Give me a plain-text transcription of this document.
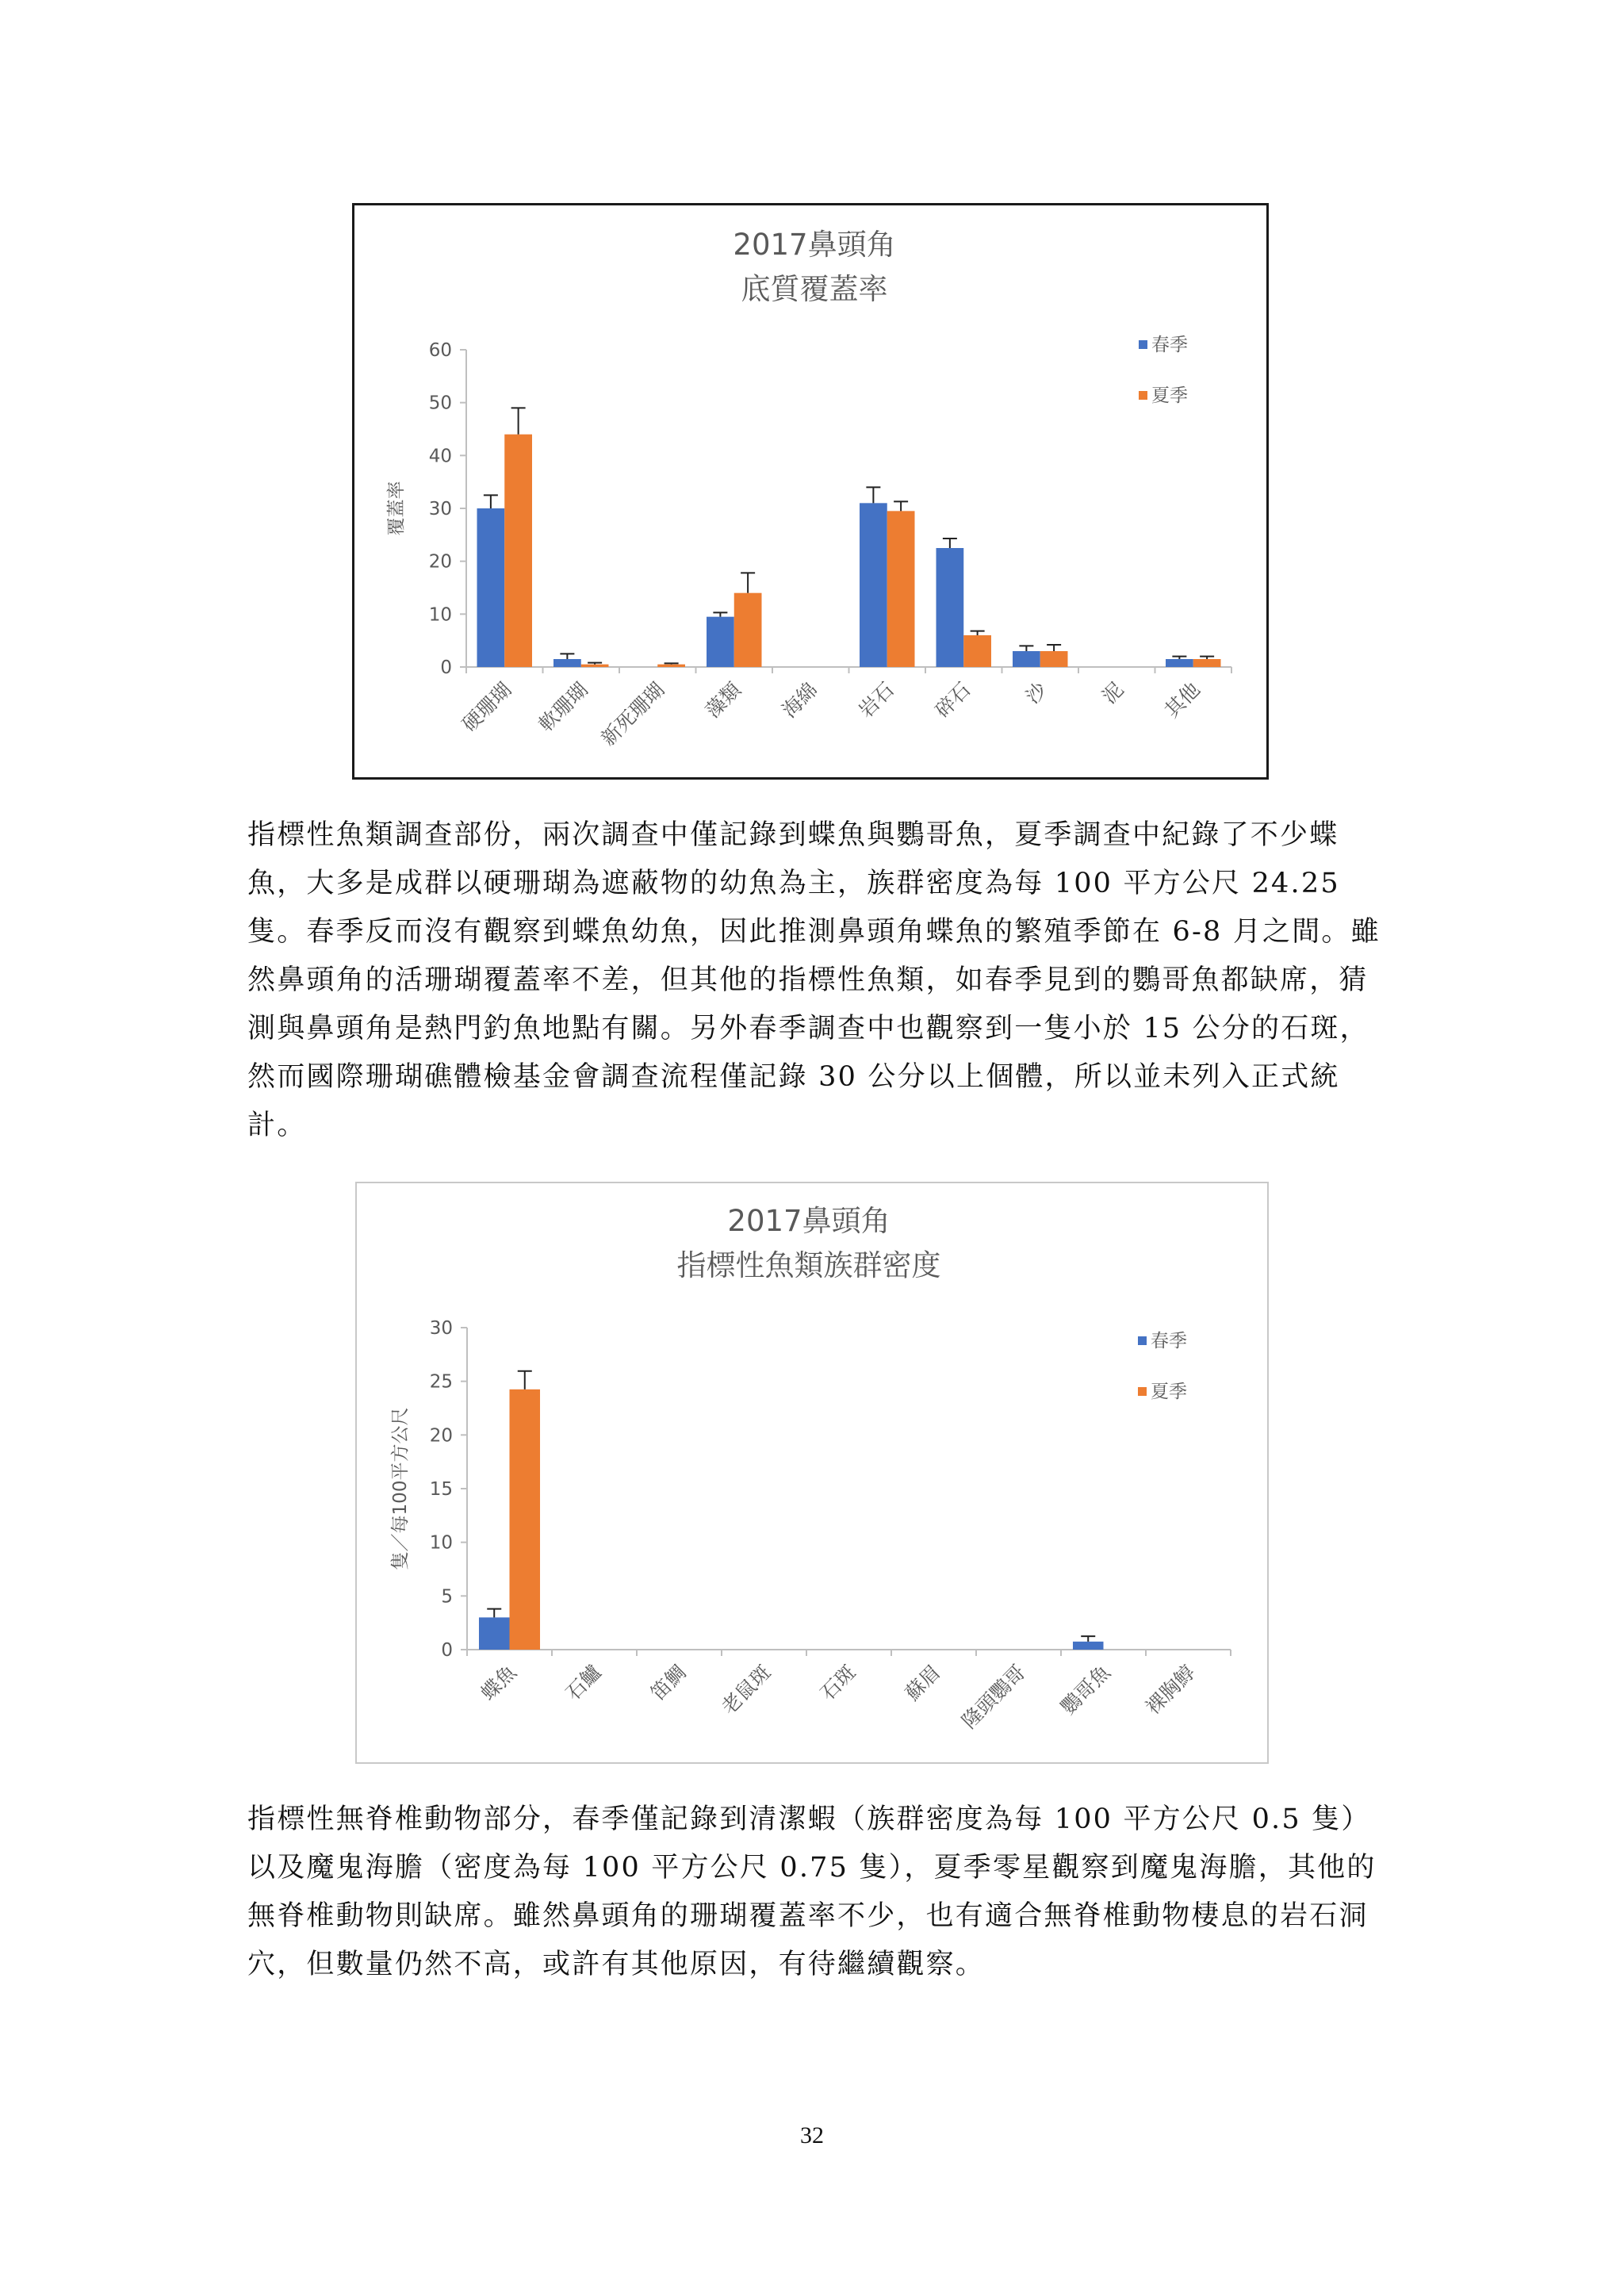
2017鼻頭角
底質覆蓋率
0
10
20
30
40
50
60
覆蓋率
硬珊瑚 軟珊瑚 新死珊瑚 藻類 海綿 岩石 碎石 沙 泥 其他
春季
夏季

指標性魚類調查部份，兩次調查中僅記錄到蝶魚與鸚哥魚，夏季調查中紀錄了不少蝶魚，大多是成群以硬珊瑚為遮蔽物的幼魚為主，族群密度為每 100 平方公尺 24.25 隻。春季反而沒有觀察到蝶魚幼魚，因此推測鼻頭角蝶魚的繁殖季節在 6-8 月之間。雖然鼻頭角的活珊瑚覆蓋率不差，但其他的指標性魚類，如春季見到的鸚哥魚都缺席，猜測與鼻頭角是熱門釣魚地點有關。另外春季調查中也觀察到一隻小於 15 公分的石斑，然而國際珊瑚礁體檢基金會調查流程僅記錄 30 公分以上個體，所以並未列入正式統計。

2017鼻頭角
指標性魚類族群密度
0
5
10
15
20
25
30
隻／每100平方公尺
蝶魚 石鱸 笛鯛 老鼠斑 石斑 蘇眉 隆頭鸚哥 鸚哥魚 裸胸鯙
春季
夏季

指標性無脊椎動物部分，春季僅記錄到清潔蝦（族群密度為每 100 平方公尺 0.5 隻）以及魔鬼海膽（密度為每 100 平方公尺 0.75 隻），夏季零星觀察到魔鬼海膽，其他的無脊椎動物則缺席。雖然鼻頭角的珊瑚覆蓋率不少，也有適合無脊椎動物棲息的岩石洞穴，但數量仍然不高，或許有其他原因，有待繼續觀察。

32
